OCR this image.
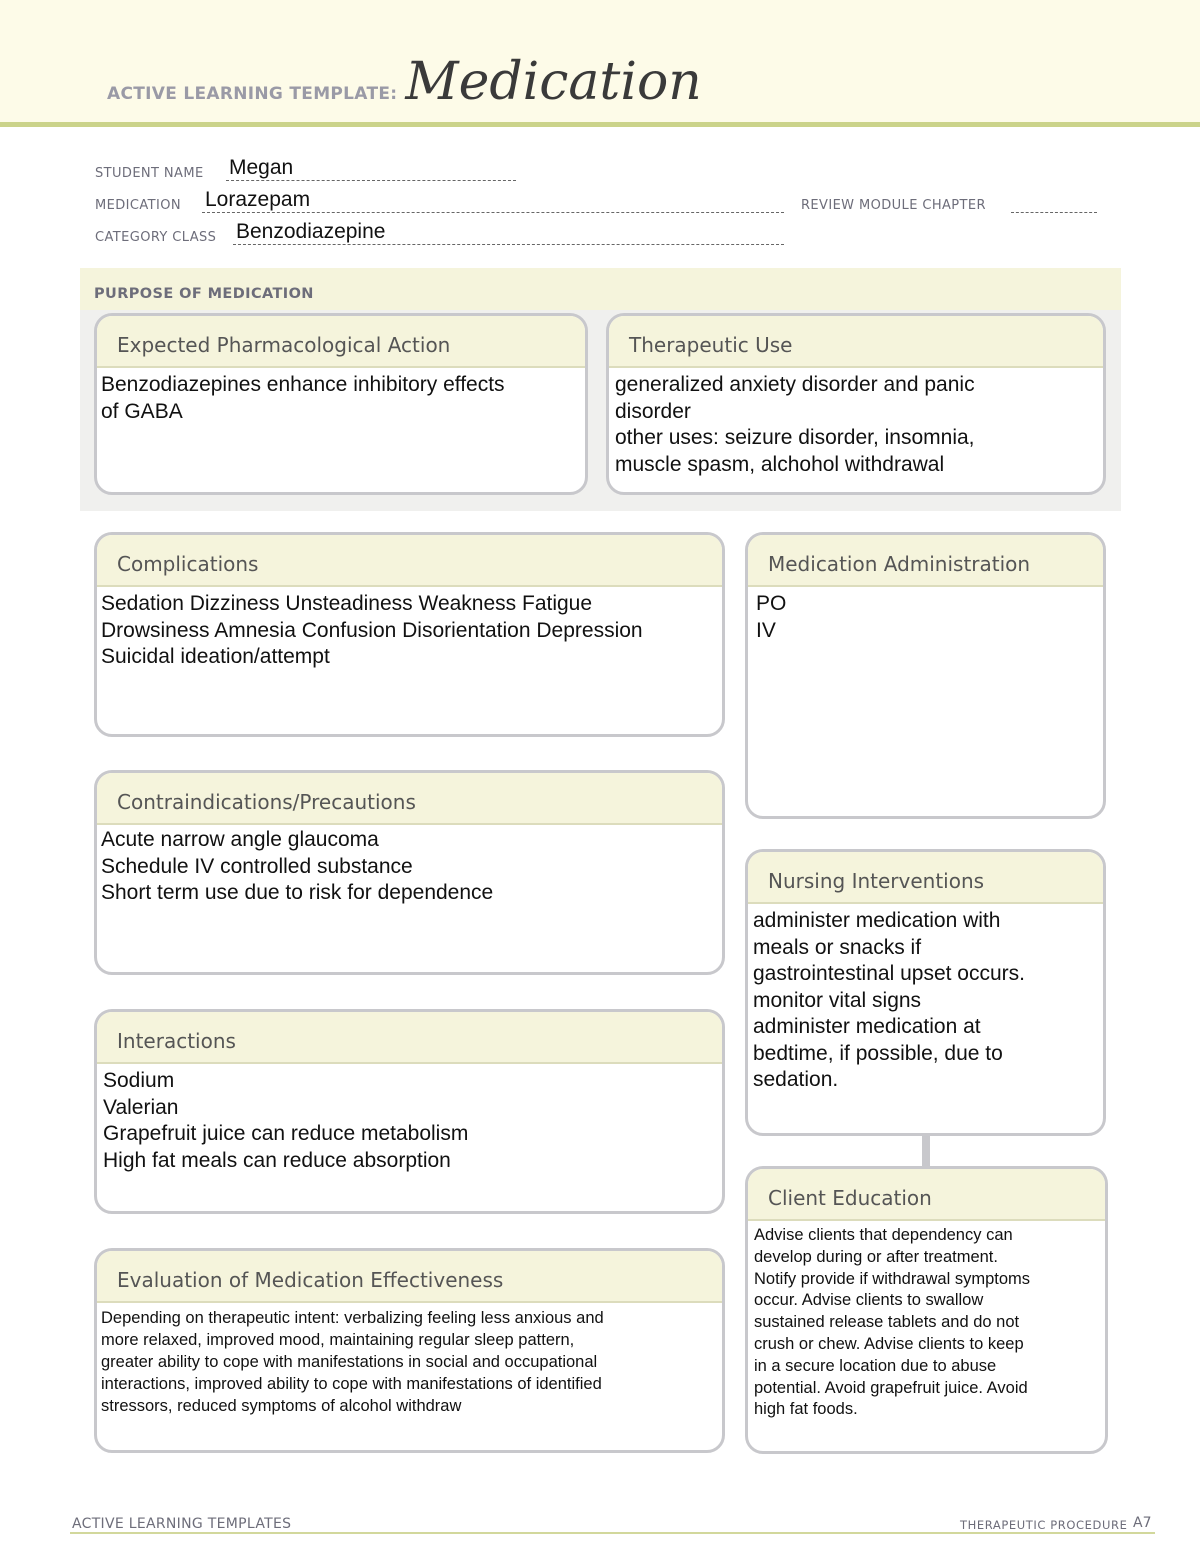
ACTIVE LEARNING TEMPLATE: Medication
STUDENT NAME Megan
MEDICATION Lorazepam	REVIEW MODULE CHAPTER
CATEGORY CLASS Benzodiazepine
PURPOSE OF MEDICATION
Expected Pharmacological Action
Benzodiazepines enhance inhibitory effects
of GABA
Therapeutic Use
generalized anxiety disorder and panic
disorder
other uses: seizure disorder, insomnia,
muscle spasm, alchohol withdrawal
Complications
Sedation Dizziness Unsteadiness Weakness Fatigue
Drowsiness Amnesia Confusion Disorientation Depression
Suicidal ideation/attempt
Contraindications/Precautions
Acute narrow angle glaucoma
Schedule IV controlled substance
Short term use due to risk for dependence
Interactions
Sodium
Valerian
Grapefruit juice can reduce metabolism
High fat meals can reduce absorption
Evaluation of Medication Effectiveness
Depending on therapeutic intent: verbalizing feeling less anxious and
more relaxed, improved mood, maintaining regular sleep pattern,
greater ability to cope with manifestations in social and occupational
interactions, improved ability to cope with manifestations of identified
stressors, reduced symptoms of alcohol withdraw
Medication Administration
PO
IV
Nursing Interventions
administer medication with
meals or snacks if
gastrointestinal upset occurs.
monitor vital signs
administer medication at
bedtime, if possible, due to
sedation.
Client Education
Advise clients that dependency can
develop during or after treatment.
Notify provide if withdrawal symptoms
occur. Advise clients to swallow
sustained release tablets and do not
crush or chew. Advise clients to keep
in a secure location due to abuse
potential. Avoid grapefruit juice. Avoid
high fat foods.
ACTIVE LEARNING TEMPLATES	THERAPEUTIC PROCEDURE A7
